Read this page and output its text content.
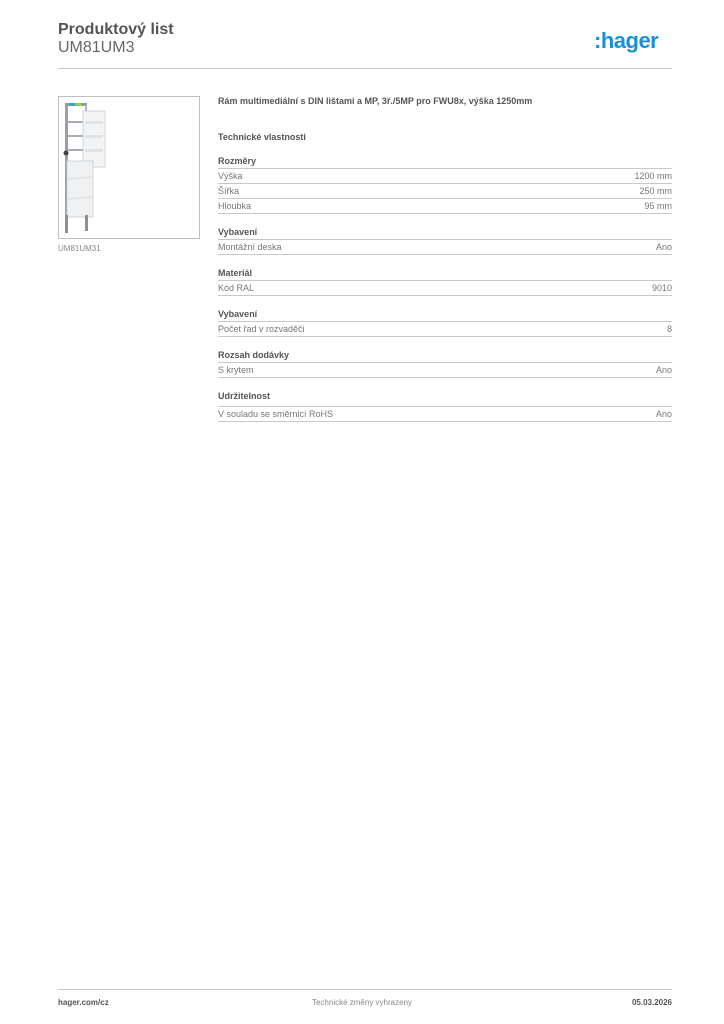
Produktový list
UM81UM3	:hager
UM81UM31
Rám multimediální s DIN lištami a MP, 3ř./5MP pro FWU8x, výška 1250mm
Technické vlastnosti
Rozměry
Výška	1200 mm
Šířka	250 mm
Hloubka	95 mm
Vybavení
Montážní deska	Ano
Materiál
Kód RAL	9010
Vybavení
Počet řad v rozvaděči	8
Rozsah dodávky
S krytem	Ano
Udržitelnost
V souladu se směrnicí RoHS	Ano
hager.com/cz	Technické změny vyhrazeny	05.03.2026
